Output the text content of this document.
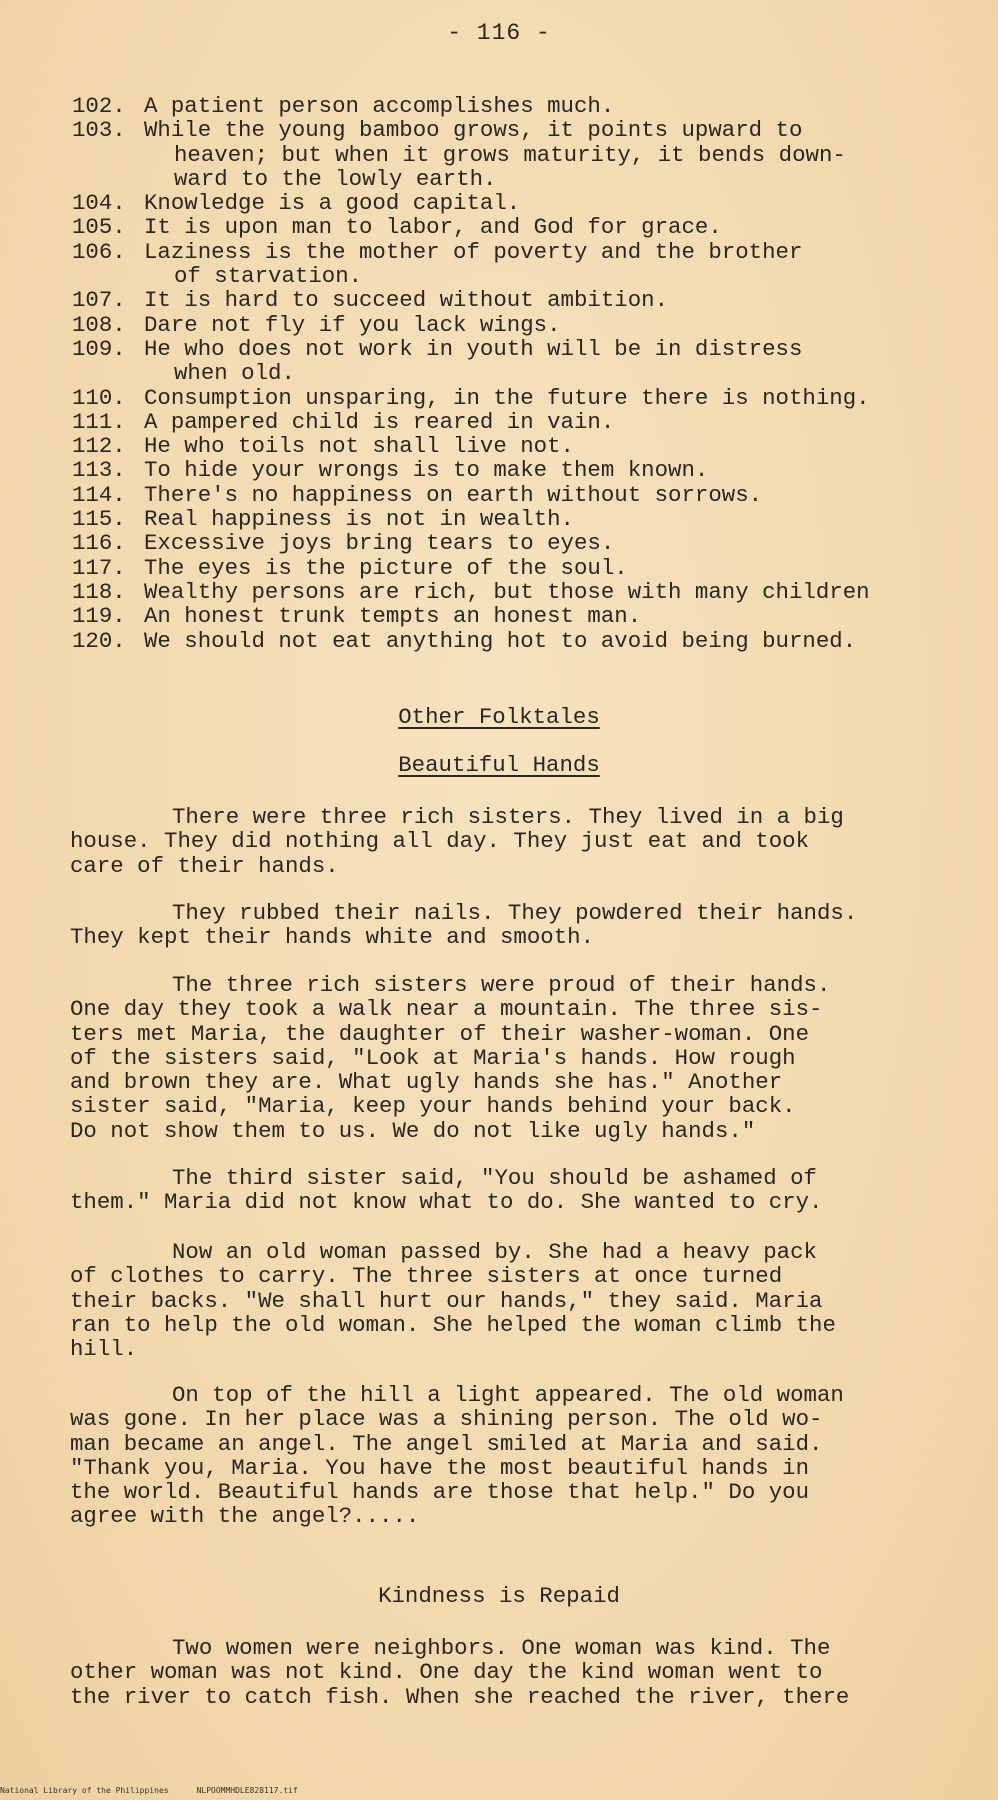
- 116 -
102. A patient person accomplishes much.
103. While the young bamboo grows, it points upward to
heaven; but when it grows maturity, it bends down-
ward to the lowly earth.
104. Knowledge is a good capital.
105. It is upon man to labor, and God for grace.
106. Laziness is the mother of poverty and the brother
of starvation.
107. It is hard to succeed without ambition.
108. Dare not fly if you lack wings.
109. He who does not work in youth will be in distress
when old.
110. Consumption unsparing, in the future there is nothing.
111. A pampered child is reared in vain.
112. He who toils not shall live not.
113. To hide your wrongs is to make them known.
114. There's no happiness on earth without sorrows.
115. Real happiness is not in wealth.
116. Excessive joys bring tears to eyes.
117. The eyes is the picture of the soul.
118. Wealthy persons are rich, but those with many children
119. An honest trunk tempts an honest man.
120. We should not eat anything hot to avoid being burned.
Other Folktales
Beautiful Hands
There were three rich sisters. They lived in a big
house. They did nothing all day. They just eat and took
care of their hands.
They rubbed their nails. They powdered their hands.
They kept their hands white and smooth.
The three rich sisters were proud of their hands.
One day they took a walk near a mountain. The three sis-
ters met Maria, the daughter of their washer-woman. One
of the sisters said, "Look at Maria's hands. How rough
and brown they are. What ugly hands she has." Another
sister said, "Maria, keep your hands behind your back.
Do not show them to us. We do not like ugly hands."
The third sister said, "You should be ashamed of
them." Maria did not know what to do. She wanted to cry.
Now an old woman passed by. She had a heavy pack
of clothes to carry. The three sisters at once turned
their backs. "We shall hurt our hands," they said. Maria
ran to help the old woman. She helped the woman climb the
hill.
On top of the hill a light appeared. The old woman
was gone. In her place was a shining person. The old wo-
man became an angel. The angel smiled at Maria and said.
"Thank you, Maria. You have the most beautiful hands in
the world. Beautiful hands are those that help." Do you
agree with the angel?.....
Kindness is Repaid
Two women were neighbors. One woman was kind. The
other woman was not kind. One day the kind woman went to
the river to catch fish. When she reached the river, there
National Library of the Philippines	NLPOOMMHDLE828117.tif
